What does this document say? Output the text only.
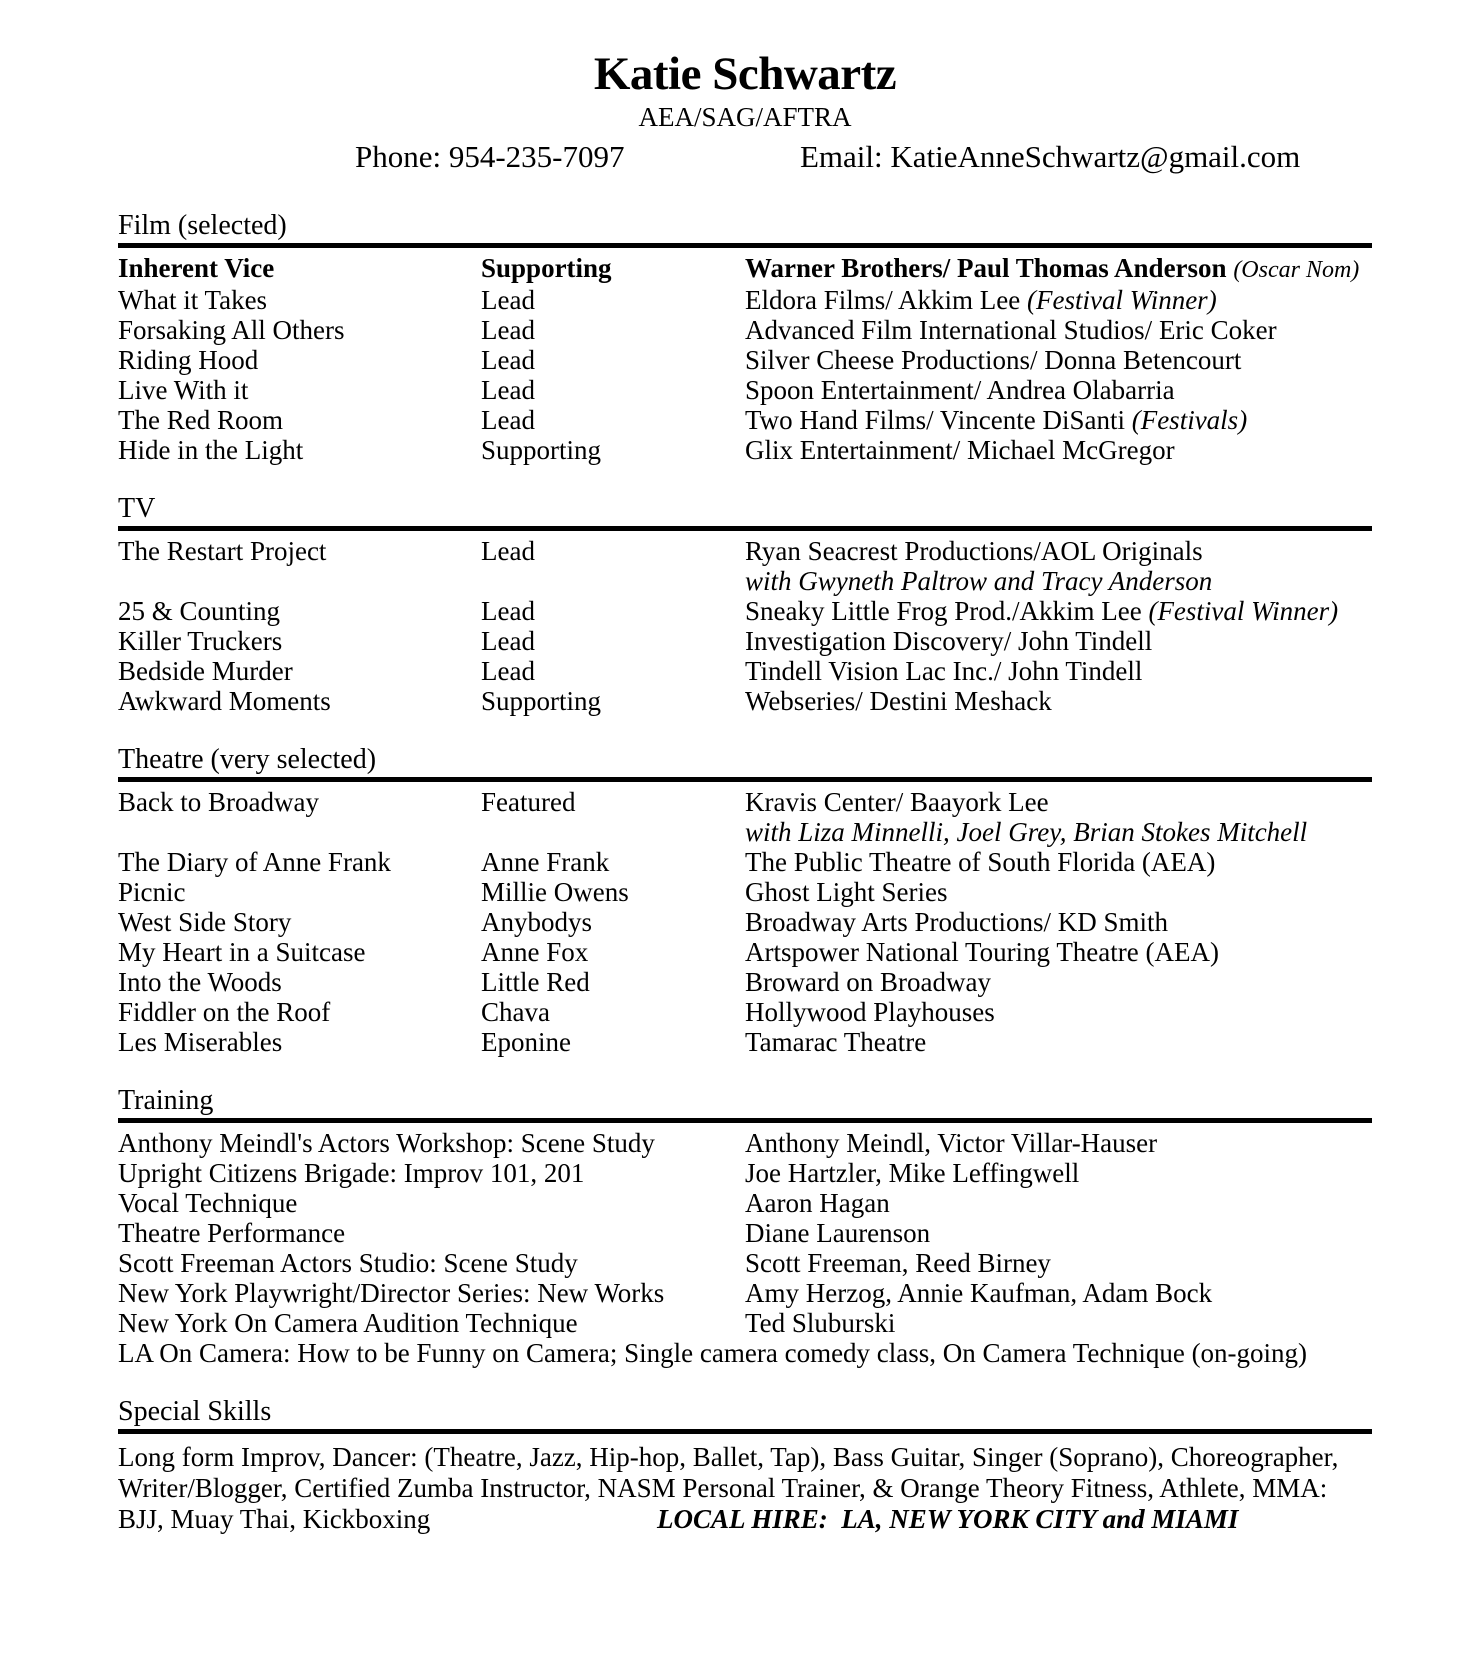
Katie Schwartz
AEA/SAG/AFTRA
Phone: 954-235-7097	Email: KatieAnneSchwartz@gmail.com
Film (selected)
Inherent Vice	Supporting	Warner Brothers/ Paul Thomas Anderson (Oscar Nom)
What it Takes	Lead	Eldora Films/ Akkim Lee (Festival Winner)
Forsaking All Others	Lead	Advanced Film International Studios/ Eric Coker
Riding Hood	Lead	Silver Cheese Productions/ Donna Betencourt
Live With it	Lead	Spoon Entertainment/ Andrea Olabarria
The Red Room	Lead	Two Hand Films/ Vincente DiSanti (Festivals)
Hide in the Light	Supporting	Glix Entertainment/ Michael McGregor
TV
The Restart Project	Lead	Ryan Seacrest Productions/AOL Originals
with Gwyneth Paltrow and Tracy Anderson
25 & Counting	Lead	Sneaky Little Frog Prod./Akkim Lee (Festival Winner)
Killer Truckers	Lead	Investigation Discovery/ John Tindell
Bedside Murder	Lead	Tindell Vision Lac Inc./ John Tindell
Awkward Moments	Supporting	Webseries/ Destini Meshack
Theatre (very selected)
Back to Broadway	Featured	Kravis Center/ Baayork Lee
with Liza Minnelli, Joel Grey, Brian Stokes Mitchell
The Diary of Anne Frank	Anne Frank	The Public Theatre of South Florida (AEA)
Picnic	Millie Owens	Ghost Light Series
West Side Story	Anybodys	Broadway Arts Productions/ KD Smith
My Heart in a Suitcase	Anne Fox	Artspower National Touring Theatre (AEA)
Into the Woods	Little Red	Broward on Broadway
Fiddler on the Roof	Chava	Hollywood Playhouses
Les Miserables	Eponine	Tamarac Theatre
Training
Anthony Meindl's Actors Workshop: Scene Study	Anthony Meindl, Victor Villar-Hauser
Upright Citizens Brigade: Improv 101, 201	Joe Hartzler, Mike Leffingwell
Vocal Technique	Aaron Hagan
Theatre Performance	Diane Laurenson
Scott Freeman Actors Studio: Scene Study	Scott Freeman, Reed Birney
New York Playwright/Director Series: New Works	Amy Herzog, Annie Kaufman, Adam Bock
New York On Camera Audition Technique	Ted Sluburski
LA On Camera: How to be Funny on Camera; Single camera comedy class, On Camera Technique (on-going)
Special Skills
Long form Improv, Dancer: (Theatre, Jazz, Hip-hop, Ballet, Tap), Bass Guitar, Singer (Soprano), Choreographer,
Writer/Blogger, Certified Zumba Instructor, NASM Personal Trainer, & Orange Theory Fitness, Athlete, MMA:
BJJ, Muay Thai, Kickboxing	LOCAL HIRE:  LA, NEW YORK CITY and MIAMI
